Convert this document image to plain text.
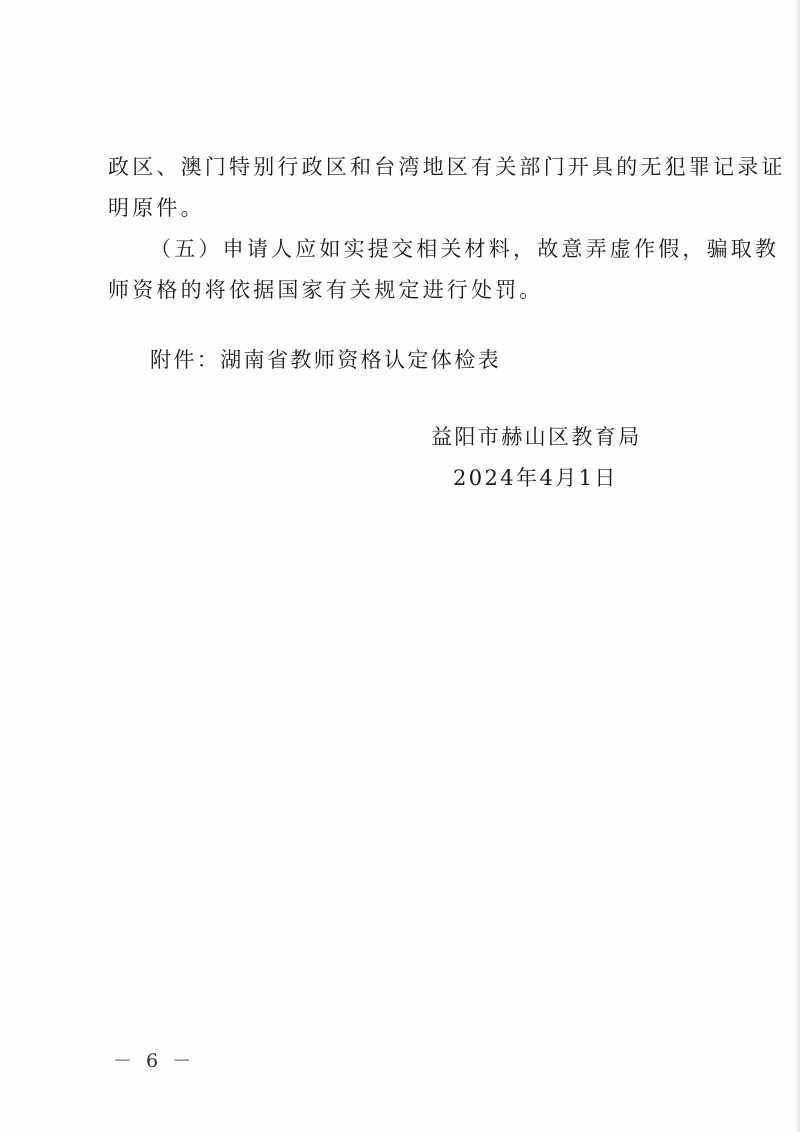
政区、澳门特别行政区和台湾地区有关部门开具的无犯罪记录证
明原件。
（五）申请人应如实提交相关材料，故意弄虚作假，骗取教
师资格的将依据国家有关规定进行处罚。
附件：湖南省教师资格认定体检表
益阳市赫山区教育局
2024年4月1日
－ 6 －
